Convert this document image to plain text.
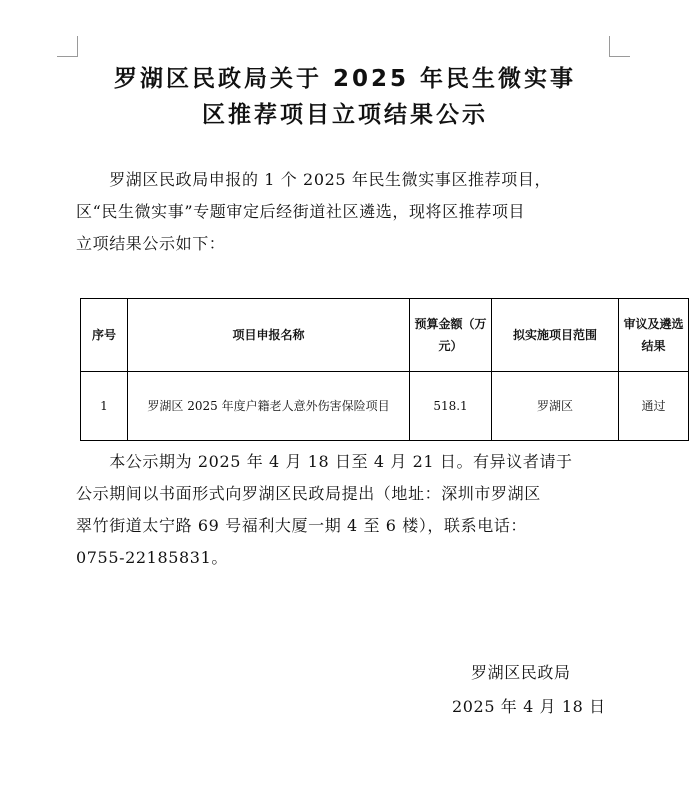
罗湖区民政局关于 2025 年民生微实事
区推荐项目立项结果公示
　　罗湖区民政局申报的 1 个 2025 年民生微实事区推荐项目，
区“民生微实事”专题审定后经街道社区遴选，现将区推荐项目
立项结果公示如下：
序号	项目申报名称	预算金额（万元）	拟实施项目范围	审议及遴选结果
1	罗湖区 2025 年度户籍老人意外伤害保险项目	518.1	罗湖区	通过
　　本公示期为 2025 年 4 月 18 日至 4 月 21 日。有异议者请于
公示期间以书面形式向罗湖区民政局提出（地址：深圳市罗湖区
翠竹街道太宁路 69 号福利大厦一期 4 至 6 楼），联系电话：
0755-22185831。
罗湖区民政局
2025 年 4 月 18 日
